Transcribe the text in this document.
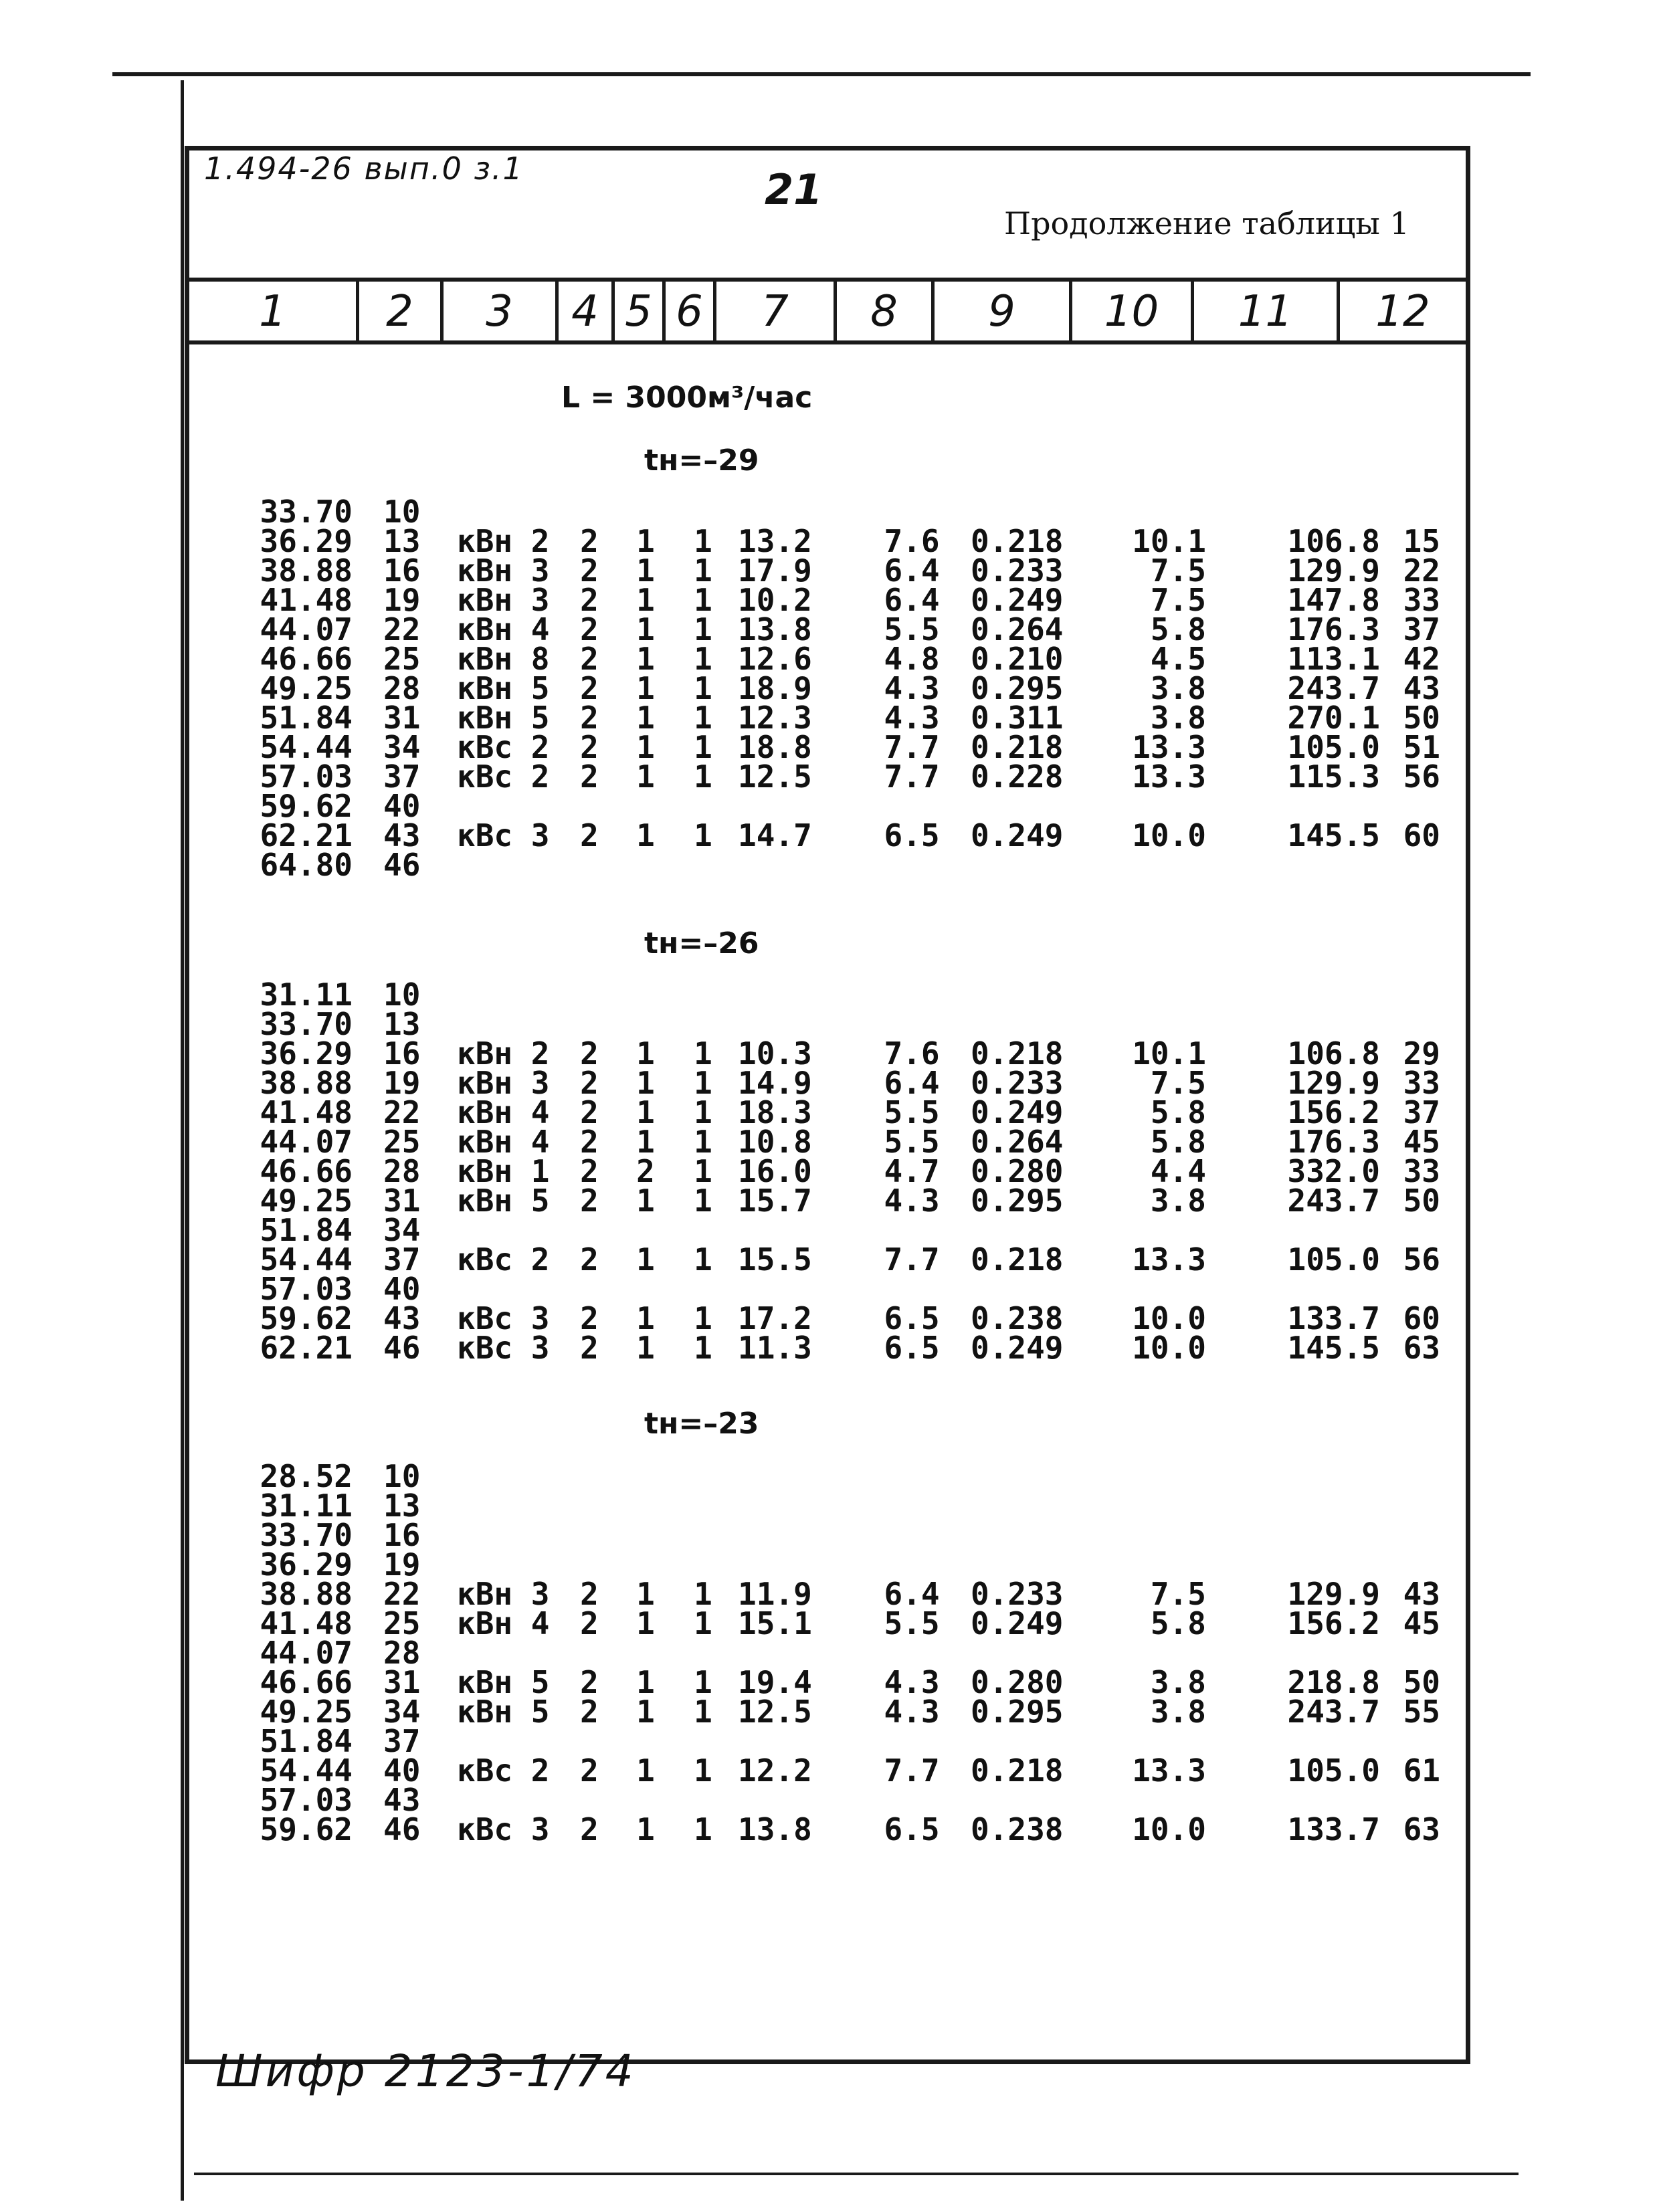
1.494-26 вып.0 з.1	21
Продолжение таблицы 1
1	2	3	4 5 6	7	8	9	10	11	12
L = 3000м³/час
tн=–29
tн=–26
tн=–23
33.70 10
36.29 13	кВн 2 2 1 1 13.2	7.6	0.218	10.1	106.8 15
38.88 16	кВн 3 2 1 1 17.9	6.4	0.233	7.5	129.9 22
41.48 19	кВн 3 2 1 1 10.2	6.4	0.249	7.5	147.8 33
44.07 22	кВн 4 2 1 1 13.8	5.5	0.264	5.8	176.3 37
46.66 25	кВн 8 2 1 1 12.6	4.8	0.210	4.5	113.1 42
49.25 28	кВн 5 2 1 1 18.9	4.3	0.295	3.8	243.7 43
51.84 31	кВн 5 2 1 1 12.3	4.3	0.311	3.8	270.1 50
54.44 34	кВс 2 2 1 1 18.8	7.7	0.218	13.3	105.0 51
57.03 37	кВс 2 2 1 1 12.5	7.7	0.228	13.3	115.3 56
59.62 40
62.21 43	кВс 3 2 1 1 14.7	6.5	0.249	10.0	145.5 60
64.80 46
31.11 10
33.70 13
36.29 16	кВн 2 2 1 1 10.3	7.6	0.218	10.1	106.8 29
38.88 19	кВн 3 2 1 1 14.9	6.4	0.233	7.5	129.9 33
41.48 22	кВн 4 2 1 1 18.3	5.5	0.249	5.8	156.2 37
44.07 25	кВн 4 2 1 1 10.8	5.5	0.264	5.8	176.3 45
46.66 28	кВн 1 2 2 1 16.0	4.7	0.280	4.4	332.0 33
49.25 31	кВн 5 2 1 1 15.7	4.3	0.295	3.8	243.7 50
51.84 34
54.44 37	кВс 2 2 1 1 15.5	7.7	0.218	13.3	105.0 56
57.03 40
59.62 43	кВс 3 2 1 1 17.2	6.5	0.238	10.0	133.7 60
62.21 46	кВс 3 2 1 1 11.3	6.5	0.249	10.0	145.5 63
28.52 10
31.11 13
33.70 16
36.29 19
38.88 22	кВн 3 2 1 1 11.9	6.4	0.233	7.5	129.9 43
41.48 25	кВн 4 2 1 1 15.1	5.5	0.249	5.8	156.2 45
44.07 28
46.66 31	кВн 5 2 1 1 19.4	4.3	0.280	3.8	218.8 50
49.25 34	кВн 5 2 1 1 12.5	4.3	0.295	3.8	243.7 55
51.84 37
54.44 40	кВс 2 2 1 1 12.2	7.7	0.218	13.3	105.0 61
57.03 43
59.62 46	кВс 3 2 1 1 13.8	6.5	0.238	10.0	133.7 63
Шифр 2123-1/74
